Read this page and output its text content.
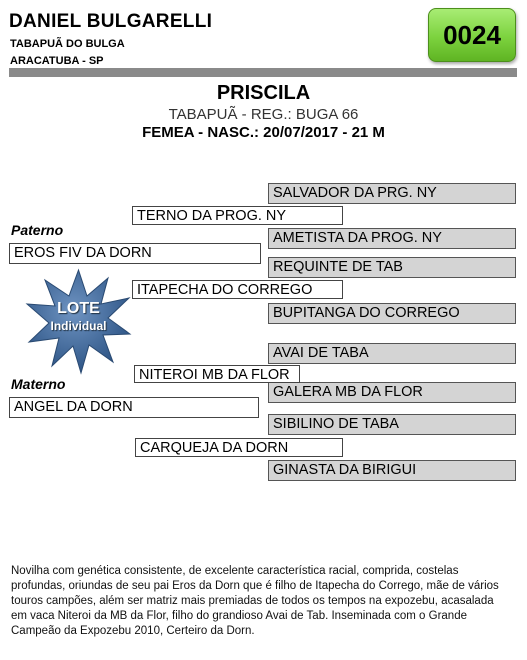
DANIEL BULGARELLI
TABAPUÃ DO BULGA
ARACATUBA - SP
0024
PRISCILA
TABAPUÃ - REG.: BUGA 66
FEMEA - NASC.: 20/07/2017 - 21 M
SALVADOR DA PRG. NY
AMETISTA DA PROG. NY
REQUINTE DE TAB
BUPITANGA DO CORREGO
AVAI DE TABA
GALERA MB DA FLOR
SIBILINO DE TABA
GINASTA DA BIRIGUI
TERNO DA PROG. NY
ITAPECHA DO CORREGO
NITEROI MB DA FLOR
CARQUEJA DA DORN
Paterno
EROS FIV DA DORN
Materno
ANGEL DA DORN
LOTE
Individual
Novilha com genética consistente, de excelente característica racial, comprida, costelas profundas, oriundas de seu pai Eros da Dorn que é filho de Itapecha do Corrego, mãe de vários touros campões, além ser matriz mais premiadas de todos os tempos na expozebu, acasalada em vaca Niteroi da MB da Flor, filho do grandioso Avai de Tab. Inseminada com o Grande Campeão da Expozebu 2010, Certeiro da Dorn.
